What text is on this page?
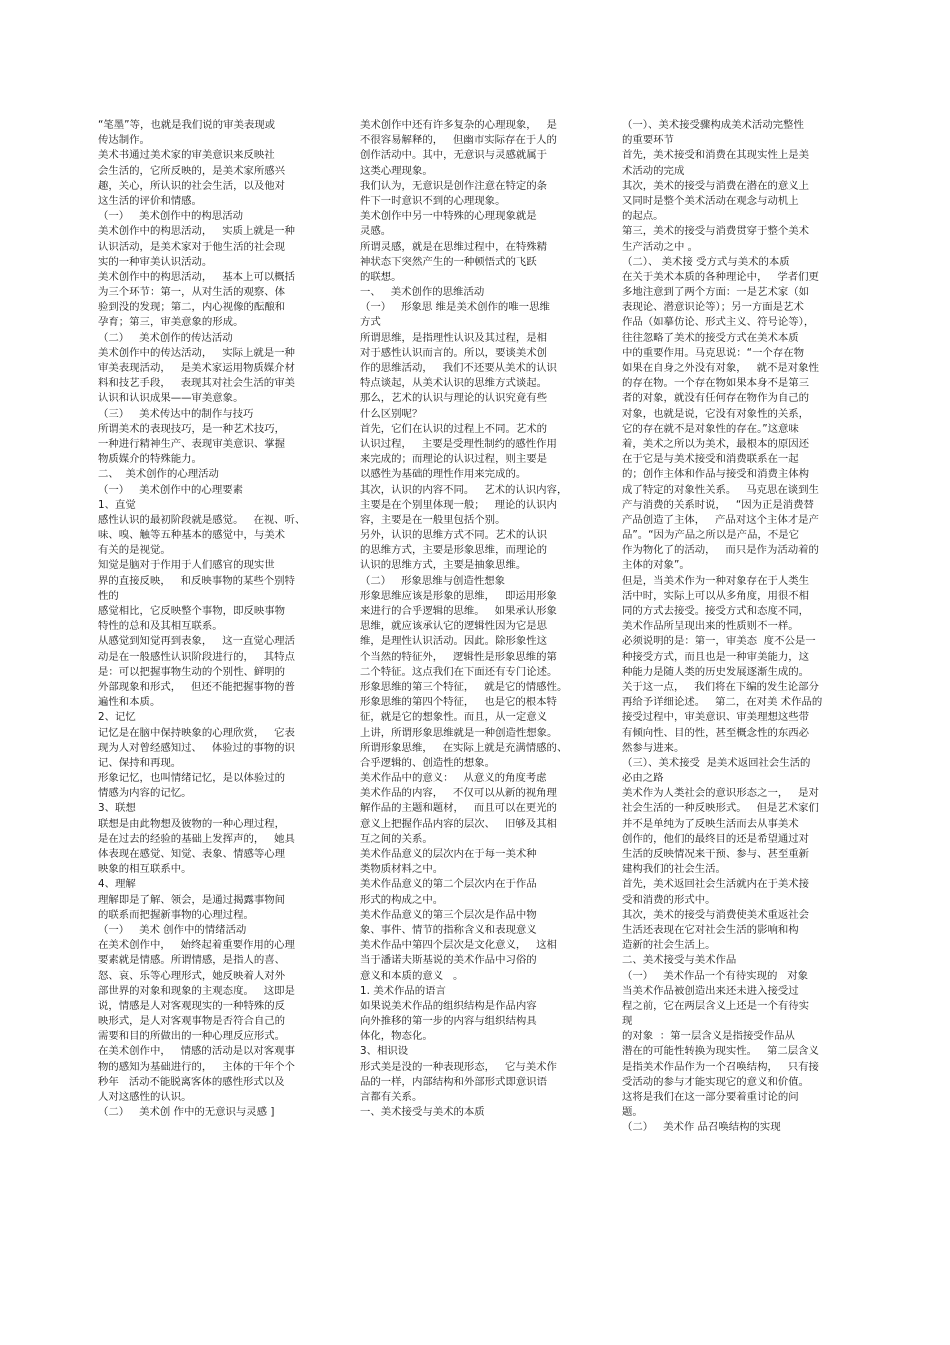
“笔墨”等，也就是我们说的审美表现或
传达制作。
美术书通过美术家的审美意识来反映社
会生活的，它所反映的，是美术家所感兴
趣，关心，所认识的社会生活，以及他对
这生活的评价和情感。
（一）   美术创作中的构思活动
美术创作中的构思活动，   实质上就是一种
认识活动，是美术家对于他生活的社会现
实的一种审美认识活动。
美术创作中的构思活动，   基本上可以概括
为三个环节：第一，从对生活的观察、体
验到没的发现；第二，内心视像的酝酿和
孕育；第三，审美意象的形成。
（二）   美术创作的传达活动
美术创作中的传达活动，   实际上就是一种
审美表现活动，   是美术家运用物质媒介材
料和技艺手段，   表现其对社会生活的审美
认识和认识成果——审美意象。
（三）   美术传达中的制作与技巧
所谓美术的表现技巧，是一种艺术技巧，
一种进行精神生产、表现审美意识、掌握
物质媒介的特殊能力。
二、  美术创作的心理活动
（一）   美术创作中的心理要素
1、直觉
感性认识的最初阶段就是感觉。   在视、听、
味、嗅、触等五种基本的感觉中，与美术
有关的是视觉。
知觉是脑对于作用于人们感官的现实世
界的直接反映，   和反映事物的某些个别特
性的
感觉相比，它反映整个事物，即反映事物
特性的总和及其相互联系。
从感觉到知觉再到表象，   这一直觉心理活
动是在一般感性认识阶段进行的，   其特点
是：可以把握事物生动的个别性、鲜明的
外部现象和形式，   但还不能把握事物的普
遍性和本质。
2、记忆
记忆是在脑中保持映象的心理欣赏，   它表
现为人对曾经感知过、   体验过的事物的识
记、保持和再现。
形象记忆，也叫情绪记忆，是以体验过的
情感为内容的记忆。
3、联想
联想是由此物想及彼物的一种心理过程，
是在过去的经验的基础上发挥声的，   她具
体表现在感觉、知觉、表象、情感等心理
映象的相互联系中。
4、理解
理解即是了解、领会，是通过揭露事物间
的联系而把握新事物的心理过程。
（一）   美术 创作中的情绪活动
在美术创作中，   始终起着重要作用的心理
要素就是情感。所谓情感，是指人的喜、
怒、哀、乐等心理形式，她反映着人对外
部世界的对象和现象的主观态度。   这即是
说，情感是人对客观现实的一种特殊的反
映形式，是人对客观事物是否符合自己的
需要和目的所做出的一种心理反应形式。
在美术创作中，   情感的活动是以对客观事
物的感知为基础进行的，   主体的干年个个
秒年   活动不能脱离客体的感性形式以及
人对这感性的认识。
（二）   美术创 作中的无意识与灵感 ]
美术创作中还有许多复杂的心理现象，   是
不很容易解释的，   但幽市实际存在于人的
创作活动中。其中，无意识与灵感就属于
这类心理现象。
我们认为，无意识是创作注意在特定的条
件下一时意识不到的心理现象。
美术创作中另一中特殊的心理现象就是
灵感。
所谓灵感，就是在思维过程中，在特殊精
神状态下突然产生的一种顿悟式的飞跃
的联想。
一、   美术创作的思维活动
（一）   形象思 维是美术创作的唯一思维
方式
所谓思维，是指理性认识及其过程，是相
对于感性认识而言的。所以，要谈美术创
作的思维活动，   我们不还要从美术的认识
特点谈起，从美术认识的思维方式谈起。
那么，艺术的认识与理论的认识究竟有些
什么区别呢？
首先，它们在认识的过程上不同。艺术的
认识过程，   主要是受理性制约的感性作用
来完成的；而理论的认识过程，则主要是
以感性为基础的理性作用来完成的。
其次，认识的内容不同。   艺术的认识内容，
主要是在个别里体现一般；   理论的认识内
容，主要是在一般里包括个别。
另外，认识的思维方式不同。艺术的认识
的思维方式，主要是形象思维，而理论的
认识的思维方式，主要是抽象思维。
（二）   形象思维与创造性想象
形象思维应该是形象的思维，   即运用形象
来进行的合乎逻辑的思维。   如果承认形象
思维，就应该承认它的逻辑性因为它是思
维，是理性认识活动。因此。除形象性这
个当然的特征外，   逻辑性是形象思维的第
二个特征。这点我们在下面还有专门论述。
形象思维的第三个特征，   就是它的情感性。
形象思维的第四个特征，   也是它的根本特
征，就是它的想象性。而且，从一定意义
上讲，所谓形象思维就是一种创造性想象。
所谓形象思维，   在实际上就是充满情感的、
合乎逻辑的、创造性的想象。
美术作品中的意义：   从意义的角度考虑
美术作品的内容，   不仅可以从新的视角理
解作品的主题和题材，   而且可以在更光的
意义上把握作品内容的层次、   旧够及其相
互之间的关系。
美术作品意义的层次内在于每一美术种
类物质材料之中。
美术作品意义的第二个层次内在于作品
形式的构成之中。
美术作品意义的第三个层次是作品中物
象、事件、情节的指称含义和表现意义
美术作品中第四个层次是文化意义，   这相
当于潘诺夫斯基说的美术作品中习俗的
意义和本质的意义   。
1. 美术作品的语言
如果说美术作品的组织结构是作品内容
向外推移的第一步的内容与组织结构具
体化，物态化。
3、相识设
形式美是没的一种表现形态，   它与美术作
品的一样，内部结构和外部形式即意识语
言都有关系。
一、美术接受与美术的本质
（一）、美术接受骤构成美术活动完整性
的重要环节
首先，美术接受和消费在其现实性上是美
术活动的完成
其次，美术的接受与消费在潜在的意义上
又同时是整个美术活动在观念与动机上
的起点。
第三，美术的接受与消费贯穿于整个美术
生产活动之中 。
（二）、 美术接 受方式与美术的本质
在关于美术本质的各种理论中，   学者们更
多地注意到了两个方面：一是艺术家（如
表现论、潜意识论等）；另一方面是艺术
作品（如摹仿论、形式主义、符号论等），
往往忽略了美术的接受方式在美术本质
中的重要作用。马克思说：“一个存在物
如果在自身之外没有对象，   就不是对象性
的存在物。一个存在物如果本身不是第三
者的对象，就没有任何存在物作为自己的
对象，也就是说，它没有对象性的关系，
它的存在就不是对象性的存在。”这意味
着，美术之所以为美术，最根本的原因还
在于它是与美术接受和消费联系在一起
的；创作主体和作品与接受和消费主体构
成了特定的对象性关系。   马克思在谈到生
产与消费的关系时说，   “因为正是消费替
产品创造了主体，   产品对这个主体才是产
品”。“因为产品之所以是产品，不是它
作为物化了的活动，   而只是作为活动着的
主体的对象”。
但是，当美术作为一种对象存在于人类生
活中时，实际上可以从多角度，用很不相
同的方式去接受。接受方式和态度不同，
美术作品所呈现出来的性质则不一样。
必须说明的是：第一，审美态  度不公是一
种接受方式，而且也是一种审美能力，这
种能力是随人类的历史发展逐渐生成的。
关于这一点，   我们将在下编的发生论部分
再给予详细论述。   第二，在对美 术作品的
接受过程中，审美意识、审美理想这些带
有倾向性、目的性，甚至概念性的东西必
然参与进来。
（三）、美术接受  是美术返回社会生活的
必由之路
美术作为人类社会的意识形态之一，   是对
社会生活的一种反映形式。   但是艺术家们
并不是单纯为了反映生活而去从事美术
创作的，他们的最终目的还是希望通过对
生活的反映情况来干预、参与、甚至重新
建构我们的社会生活。
首先，美术返回社会生活就内在于美术接
受和消费的形式中。
其次，美术的接受与消费使美术重返社会
生活还表现在它对社会生活的影响和构
造新的社会生活上。
二、美术接受与美术作品
（一）   美术作品一个有待实现的   对象
当美术作品被创造出来还未进入接受过
程之前，它在两层含义上还是一个有待实
现
的对象  ：第一层含义是指接受作品从
潜在的可能性转换为现实性。   第二层含义
是指美术作品作为一个召唤结构，   只有接
受活动的参与才能实现它的意义和价值。
这将是我们在这一部分要着重讨论的问
题。
（二）   美术作 品召唤结构的实现
